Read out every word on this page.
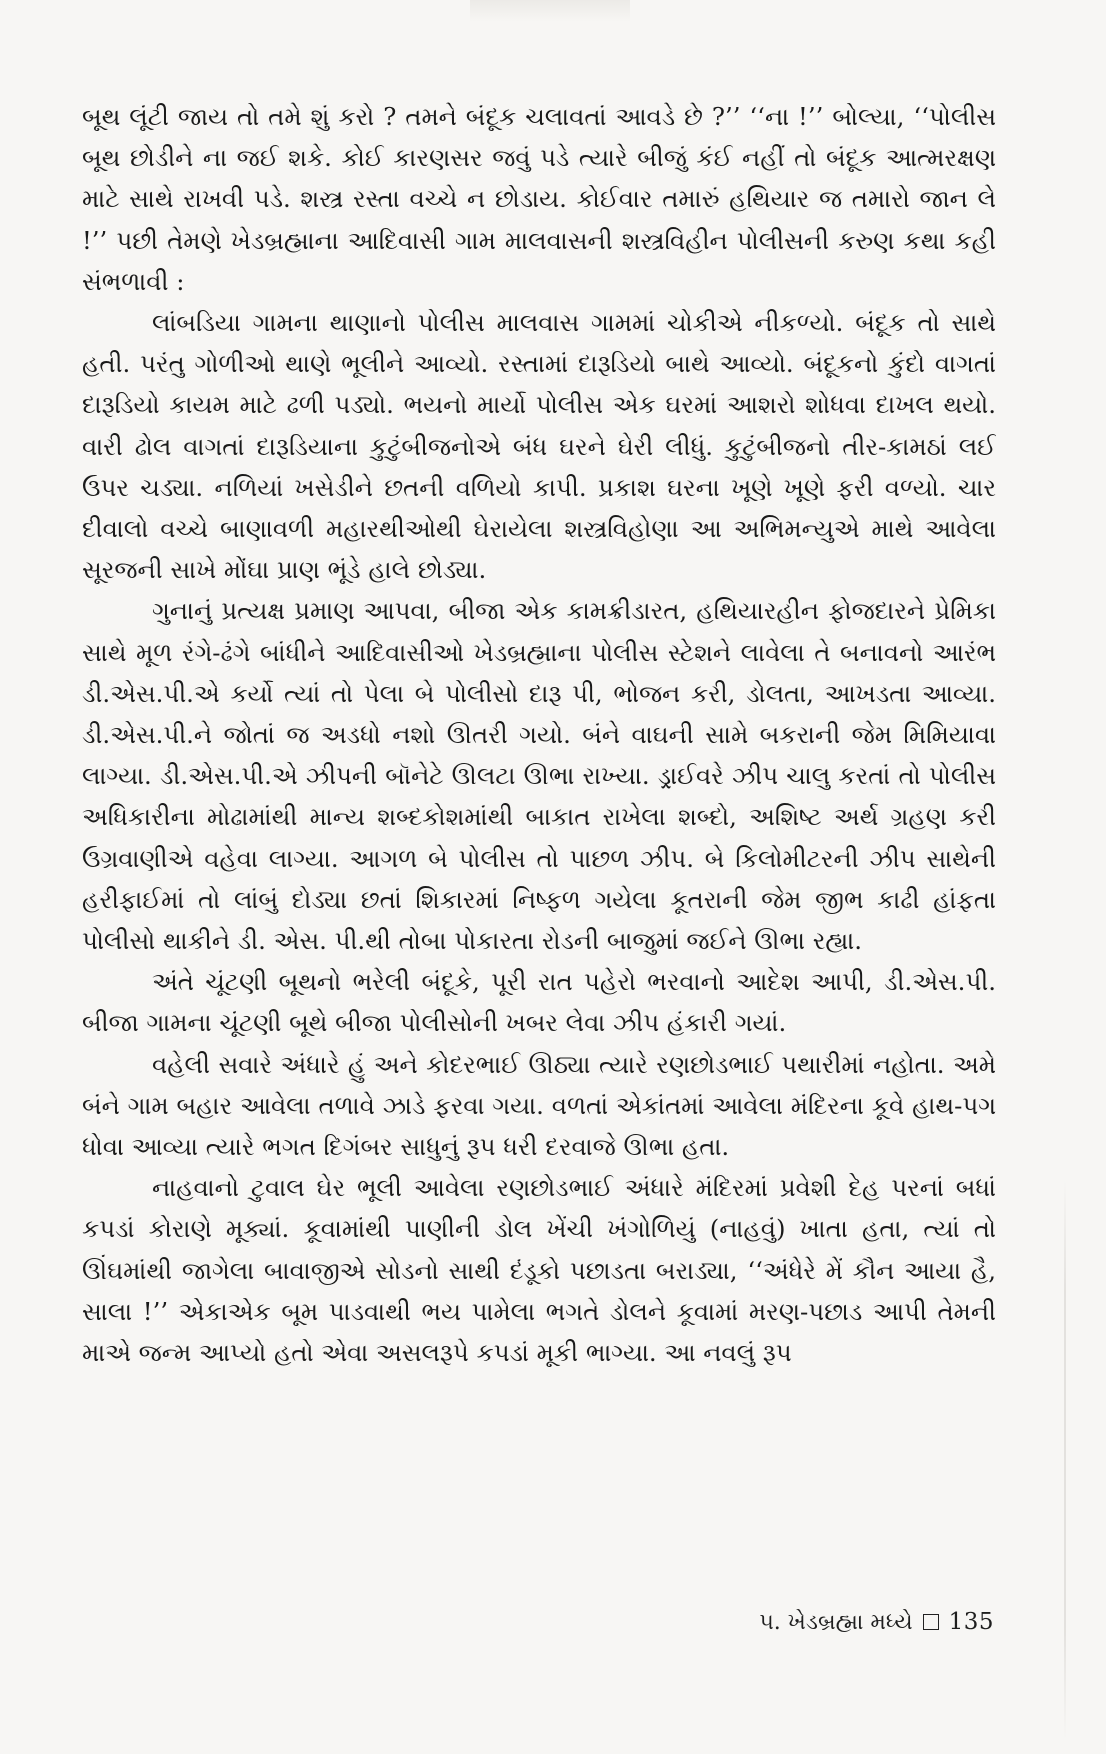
બૂથ લૂંટી જાય તો તમે શું કરો ? તમને બંદૂક ચલાવતાં આવડે છે ?’’ ‘‘ના !’’ બોલ્યા, ‘‘પોલીસ બૂથ છોડીને ના જઈ શકે. કોઈ કારણસર જવું પડે ત્યારે બીજું કંઈ નહીં તો બંદૂક આત્મરક્ષણ માટે સાથે રાખવી પડે. શસ્ત્ર રસ્તા વચ્ચે ન છોડાય. કોઈવાર તમારું હથિયાર જ તમારો જાન લે !’’ પછી તેમણે ખેડબ્રહ્માના આદિવાસી ગામ માલવાસની શસ્ત્રવિહીન પોલીસની કરુણ કથા કહી સંભળાવી :

લાંબડિયા ગામના થાણાનો પોલીસ માલવાસ ગામમાં ચોકીએ નીકળ્યો. બંદૂક તો સાથે હતી. પરંતુ ગોળીઓ થાણે ભૂલીને આવ્યો. રસ્તામાં દારૂડિયો બાથે આવ્યો. બંદૂકનો કુંદો વાગતાં દારૂડિયો કાયમ માટે ઢળી પડ્યો. ભયનો માર્યો પોલીસ એક ઘરમાં આશરો શોધવા દાખલ થયો. વારી ઢોલ વાગતાં દારૂડિયાના કુટુંબીજનોએ બંધ ઘરને ઘેરી લીધું. કુટુંબીજનો તીર-કામઠાં લઈ ઉપર ચડ્યા. નળિયાં ખસેડીને છતની વળિયો કાપી. પ્રકાશ ઘરના ખૂણે ખૂણે ફરી વળ્યો. ચાર દીવાલો વચ્ચે બાણાવળી મહારથીઓથી ઘેરાયેલા શસ્ત્રવિહોણા આ અભિમન્યુએ માથે આવેલા સૂરજની સાખે મોંઘા પ્રાણ ભૂંડે હાલે છોડ્યા.

ગુનાનું પ્રત્યક્ષ પ્રમાણ આપવા, બીજા એક કામક્રીડારત, હથિયારહીન ફોજદારને પ્રેમિકા સાથે મૂળ રંગે-ઢંગે બાંધીને આદિવાસીઓ ખેડબ્રહ્માના પોલીસ સ્ટેશને લાવેલા તે બનાવનો આરંભ ડી.એસ.પી.એ કર્યો ત્યાં તો પેલા બે પોલીસો દારૂ પી, ભોજન કરી, ડોલતા, આખડતા આવ્યા. ડી.એસ.પી.ને જોતાં જ અડધો નશો ઊતરી ગયો. બંને વાઘની સામે બકરાની જેમ મિમિયાવા લાગ્યા. ડી.એસ.પી.એ ઝીપની બૉનેટે ઊલટા ઊભા રાખ્યા. ડ્રાઈવરે ઝીપ ચાલુ કરતાં તો પોલીસ અધિકારીના મોઢામાંથી માન્ય શબ્દકોશમાંથી બાકાત રાખેલા શબ્દો, અશિષ્ટ અર્થ ગ્રહણ કરી ઉગ્રવાણીએ વહેવા લાગ્યા. આગળ બે પોલીસ તો પાછળ ઝીપ. બે કિલોમીટરની ઝીપ સાથેની હરીફાઈમાં તો લાંબું દોડ્યા છતાં શિકારમાં નિષ્ફળ ગયેલા કૂતરાની જેમ જીભ કાઢી હાંફતા પોલીસો થાકીને ડી. એસ. પી.થી તોબા પોકારતા રોડની બાજુમાં જઈને ઊભા રહ્યા.

અંતે ચૂંટણી બૂથનો ભરેલી બંદૂકે, પૂરી રાત પહેરો ભરવાનો આદેશ આપી, ડી.એસ.પી. બીજા ગામના ચૂંટણી બૂથે બીજા પોલીસોની ખબર લેવા ઝીપ હંકારી ગયાં.

વહેલી સવારે અંધારે હું અને કોદરભાઈ ઊઠ્યા ત્યારે રણછોડભાઈ પથારીમાં નહોતા. અમે બંને ગામ બહાર આવેલા તળાવે ઝાડે ફરવા ગયા. વળતાં એકાંતમાં આવેલા મંદિરના કૂવે હાથ-પગ ધોવા આવ્યા ત્યારે ભગત દિગંબર સાધુનું રૂપ ધરી દરવાજે ઊભા હતા.

નાહવાનો ટુવાલ ઘેર ભૂલી આવેલા રણછોડભાઈ અંધારે મંદિરમાં પ્રવેશી દેહ પરનાં બધાં કપડાં કોરાણે મૂક્યાં. કૂવામાંથી પાણીની ડોલ ખેંચી ખંગોળિયું (નાહવું) ખાતા હતા, ત્યાં તો ઊંઘમાંથી જાગેલા બાવાજીએ સોડનો સાથી દંડૂકો પછાડતા બરાડ્યા, ‘‘અંધેરે મેં કૌન આયા હૈ, સાલા !’’ એકાએક બૂમ પાડવાથી ભય પામેલા ભગતે ડોલને કૂવામાં મરણ-પછાડ આપી તેમની માએ જન્મ આપ્યો હતો એવા અસલરૂપે કપડાં મૂકી ભાગ્યા. આ નવલું રૂપ

૫. ખેડબ્રહ્મા મધ્યે 135
